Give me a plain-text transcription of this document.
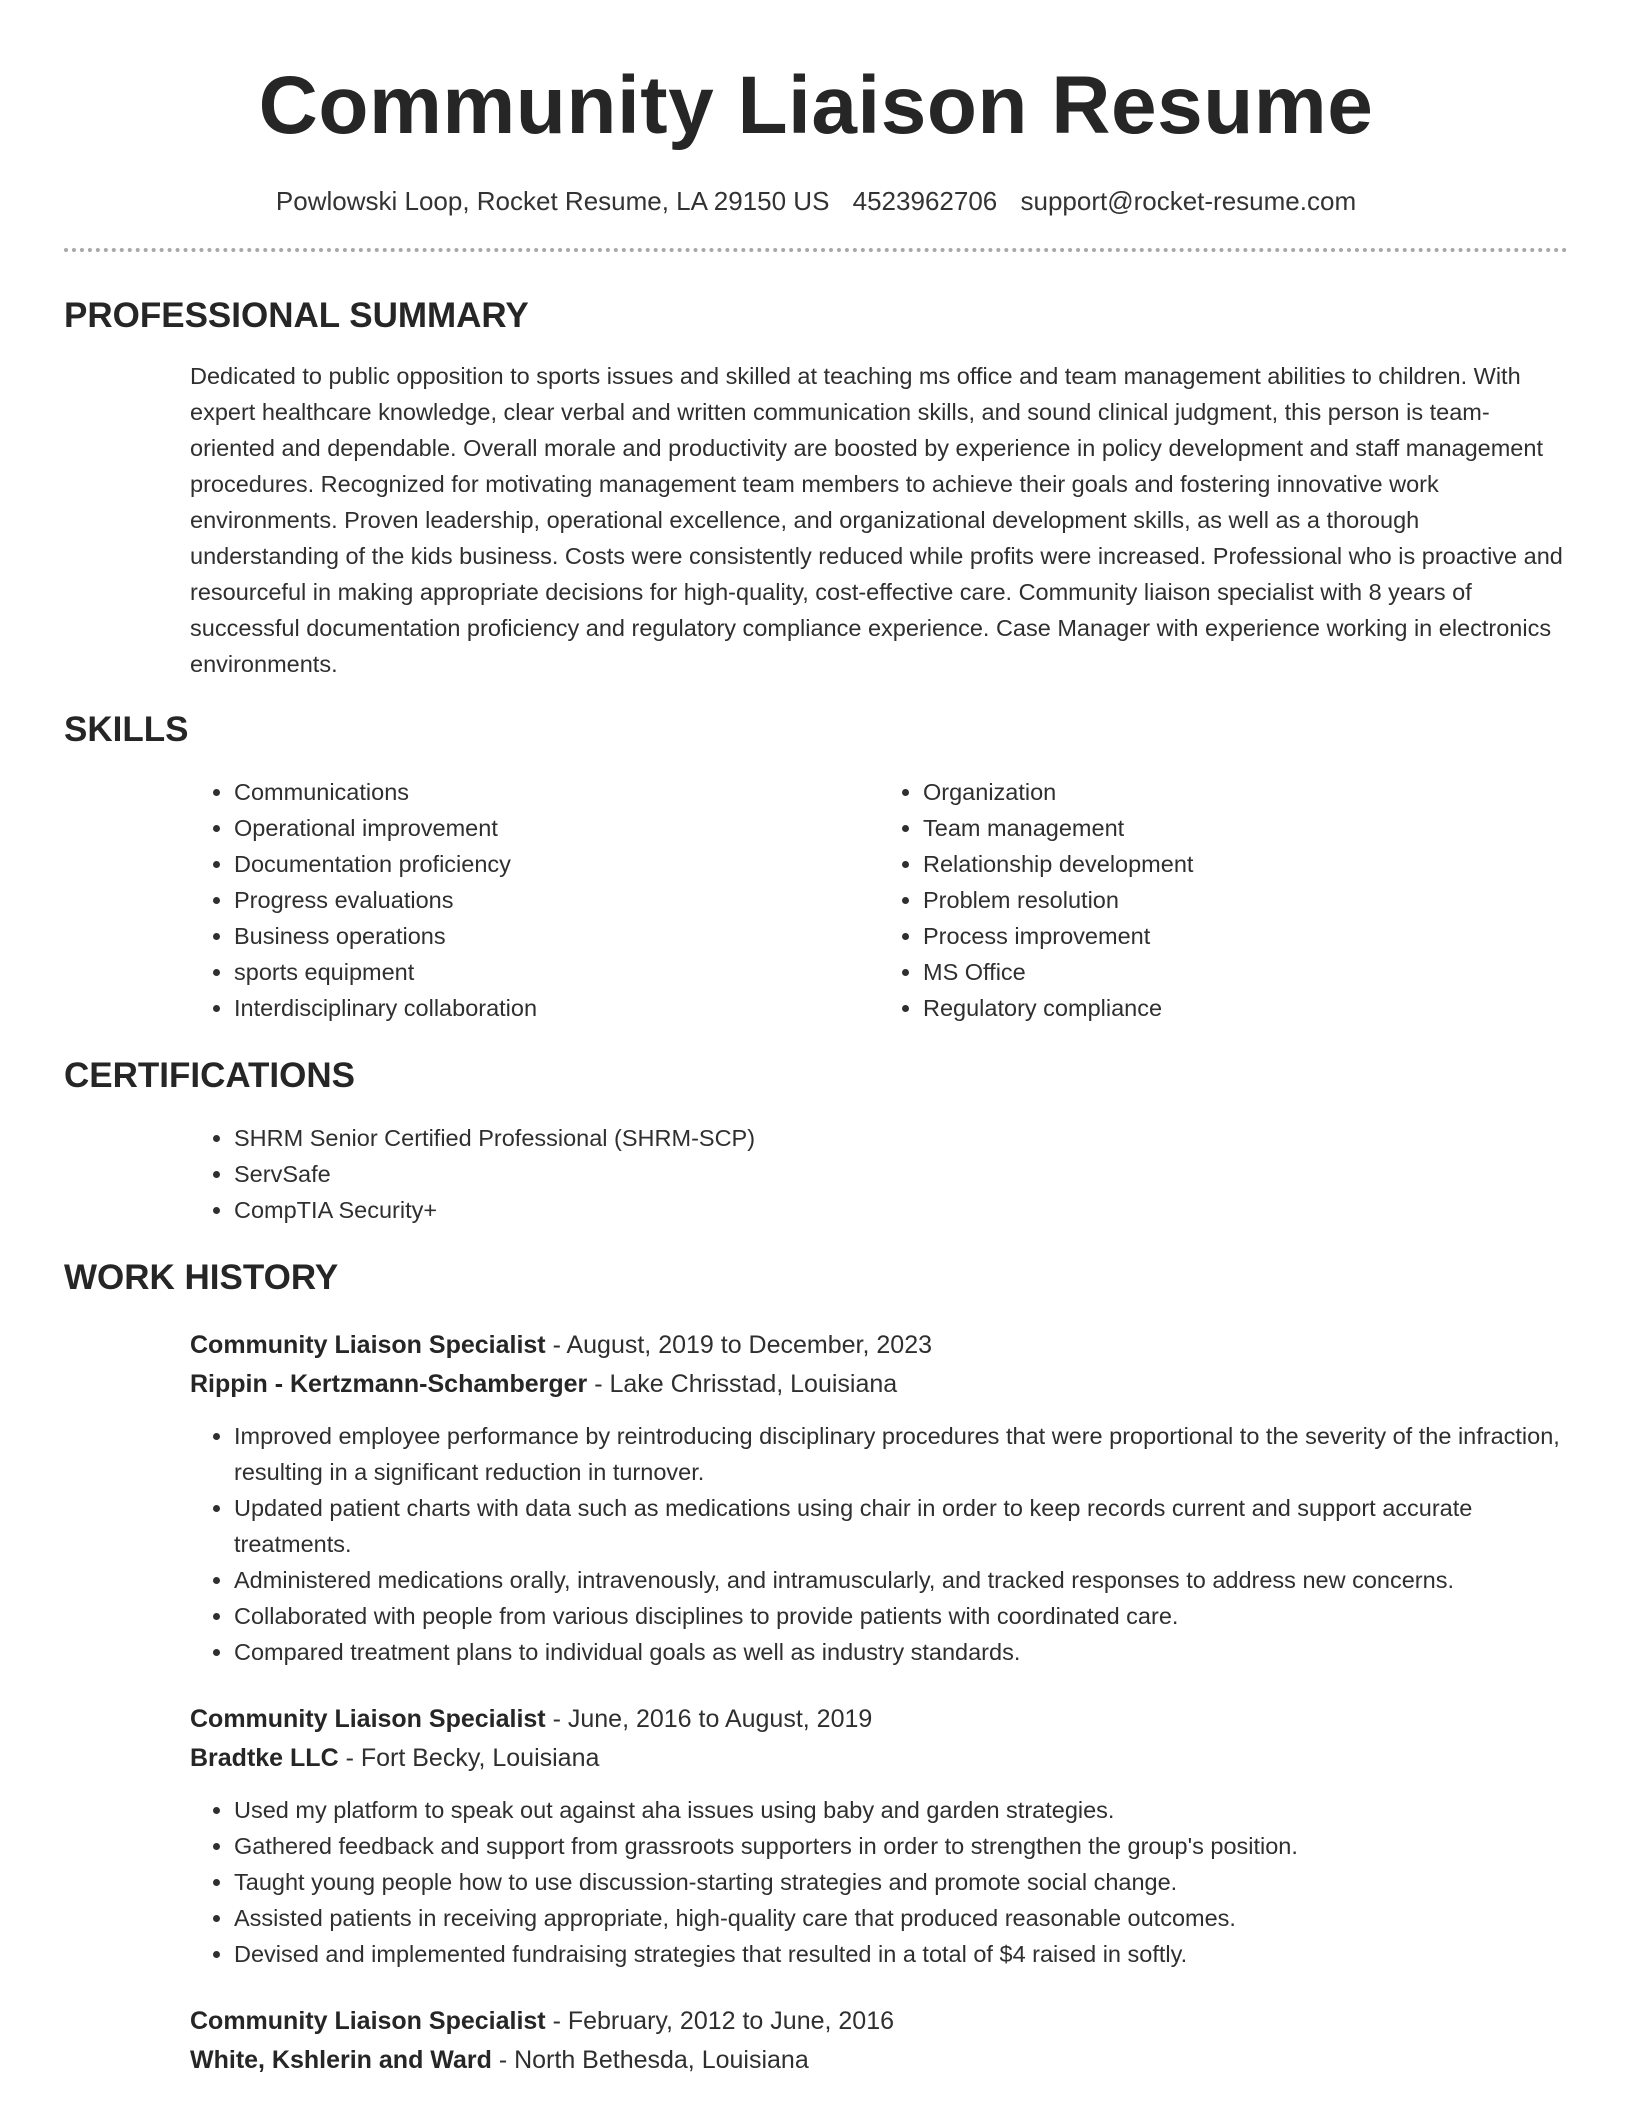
Community Liaison Resume
Powlowski Loop, Rocket Resume, LA 29150 US 4523962706 support@rocket-resume.com
PROFESSIONAL SUMMARY
Dedicated to public opposition to sports issues and skilled at teaching ms office and team management abilities to children. With expert healthcare knowledge, clear verbal and written communication skills, and sound clinical judgment, this person is team-oriented and dependable. Overall morale and productivity are boosted by experience in policy development and staff management procedures. Recognized for motivating management team members to achieve their goals and fostering innovative work environments. Proven leadership, operational excellence, and organizational development skills, as well as a thorough understanding of the kids business. Costs were consistently reduced while profits were increased. Professional who is proactive and resourceful in making appropriate decisions for high-quality, cost-effective care. Community liaison specialist with 8 years of successful documentation proficiency and regulatory compliance experience. Case Manager with experience working in electronics environments.
SKILLS
• Communications
• Operational improvement
• Documentation proficiency
• Progress evaluations
• Business operations
• sports equipment
• Interdisciplinary collaboration
• Organization
• Team management
• Relationship development
• Problem resolution
• Process improvement
• MS Office
• Regulatory compliance
CERTIFICATIONS
• SHRM Senior Certified Professional (SHRM-SCP)
• ServSafe
• CompTIA Security+
WORK HISTORY
Community Liaison Specialist - August, 2019 to December, 2023
Rippin - Kertzmann-Schamberger - Lake Chrisstad, Louisiana
• Improved employee performance by reintroducing disciplinary procedures that were proportional to the severity of the infraction, resulting in a significant reduction in turnover.
• Updated patient charts with data such as medications using chair in order to keep records current and support accurate treatments.
• Administered medications orally, intravenously, and intramuscularly, and tracked responses to address new concerns.
• Collaborated with people from various disciplines to provide patients with coordinated care.
• Compared treatment plans to individual goals as well as industry standards.
Community Liaison Specialist - June, 2016 to August, 2019
Bradtke LLC - Fort Becky, Louisiana
• Used my platform to speak out against aha issues using baby and garden strategies.
• Gathered feedback and support from grassroots supporters in order to strengthen the group's position.
• Taught young people how to use discussion-starting strategies and promote social change.
• Assisted patients in receiving appropriate, high-quality care that produced reasonable outcomes.
• Devised and implemented fundraising strategies that resulted in a total of $4 raised in softly.
Community Liaison Specialist - February, 2012 to June, 2016
White, Kshlerin and Ward - North Bethesda, Louisiana
